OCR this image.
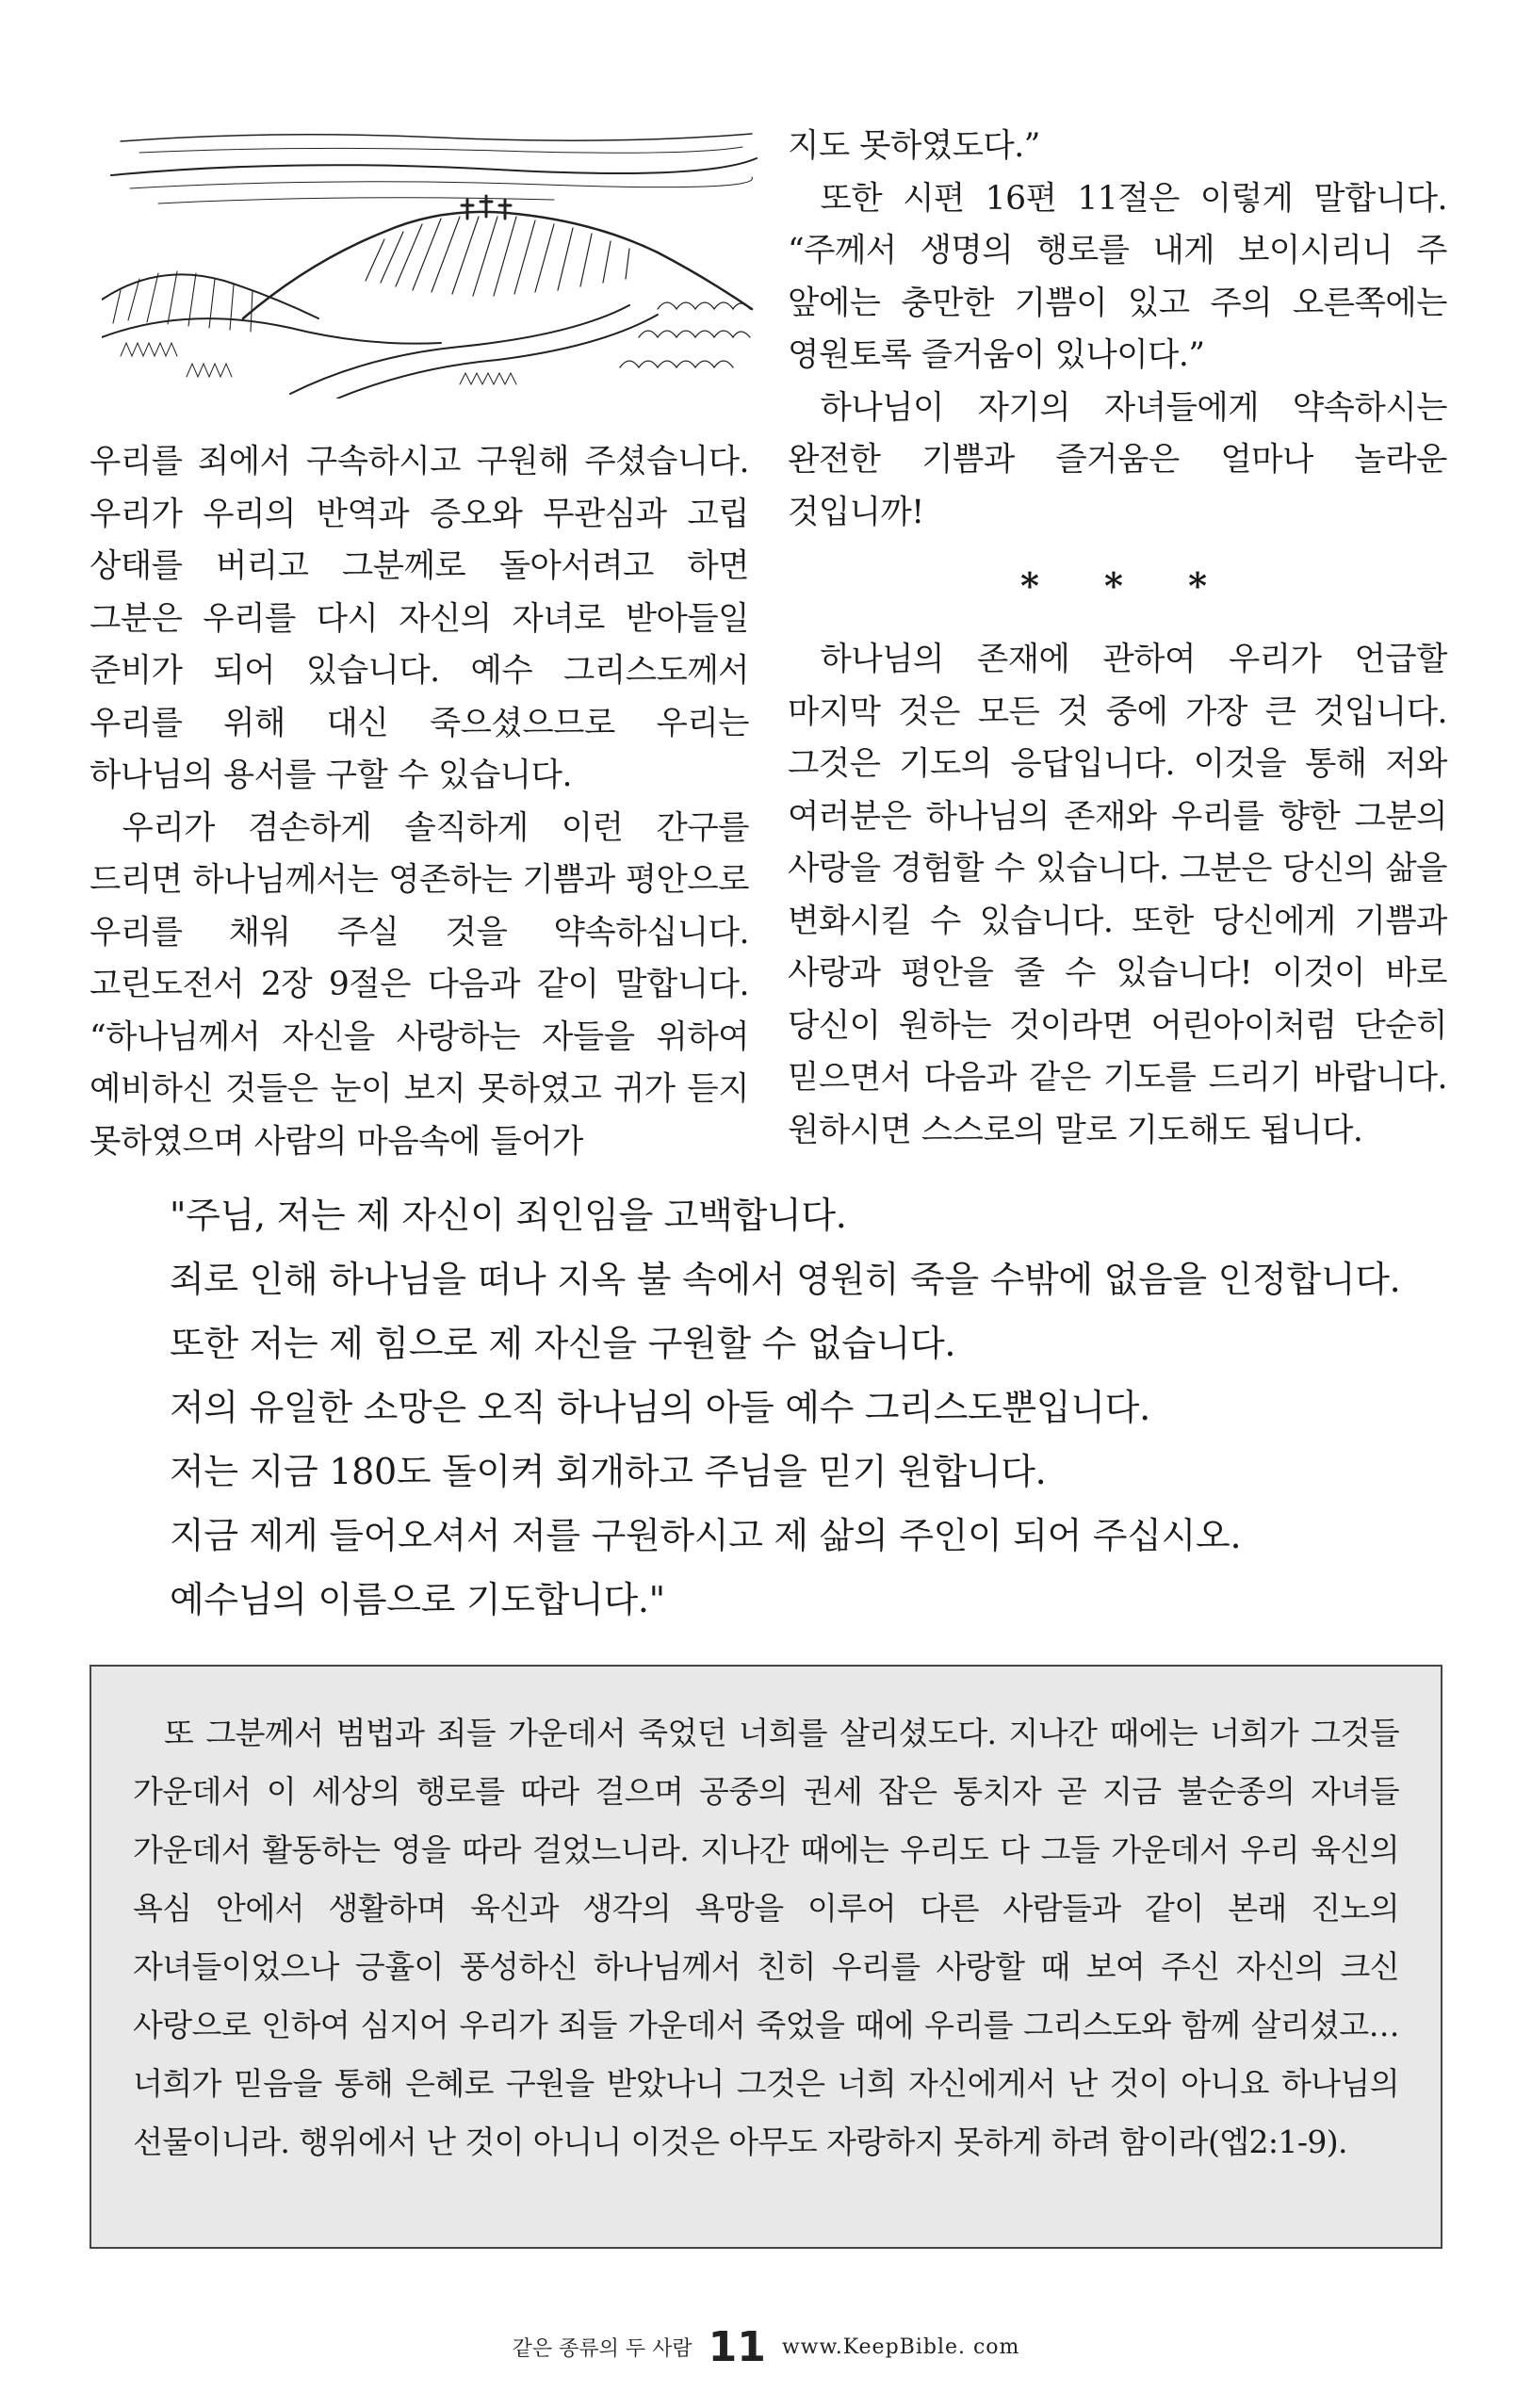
우리를 죄에서 구속하시고 구원해 주셨습니다. 우리가 우리의 반역과 증오와 무관심과 고립 상태를 버리고 그분께로 돌아서려고 하면 그분은 우리를 다시 자신의 자녀로 받아들일 준비가 되어 있습니다. 예수 그리스도께서 우리를 위해 대신 죽으셨으므로 우리는 하나님의 용서를 구할 수 있습니다.

우리가 겸손하게 솔직하게 이런 간구를 드리면 하나님께서는 영존하는 기쁨과 평안으로 우리를 채워 주실 것을 약속하십니다. 고린도전서 2장 9절은 다음과 같이 말합니다. “하나님께서 자신을 사랑하는 자들을 위하여 예비하신 것들은 눈이 보지 못하였고 귀가 듣지 못하였으며 사람의 마음속에 들어가

지도 못하였도다.”

또한 시편 16편 11절은 이렇게 말합니다. “주께서 생명의 행로를 내게 보이시리니 주 앞에는 충만한 기쁨이 있고 주의 오른쪽에는 영원토록 즐거움이 있나이다.”

하나님이 자기의 자녀들에게 약속하시는 완전한 기쁨과 즐거움은 얼마나 놀라운 것입니까!

* * *

하나님의 존재에 관하여 우리가 언급할 마지막 것은 모든 것 중에 가장 큰 것입니다. 그것은 기도의 응답입니다. 이것을 통해 저와 여러분은 하나님의 존재와 우리를 향한 그분의 사랑을 경험할 수 있습니다. 그분은 당신의 삶을 변화시킬 수 있습니다. 또한 당신에게 기쁨과 사랑과 평안을 줄 수 있습니다! 이것이 바로 당신이 원하는 것이라면 어린아이처럼 단순히 믿으면서 다음과 같은 기도를 드리기 바랍니다. 원하시면 스스로의 말로 기도해도 됩니다.

"주님, 저는 제 자신이 죄인임을 고백합니다.
죄로 인해 하나님을 떠나 지옥 불 속에서 영원히 죽을 수밖에 없음을 인정합니다.
또한 저는 제 힘으로 제 자신을 구원할 수 없습니다.
저의 유일한 소망은 오직 하나님의 아들 예수 그리스도뿐입니다.
저는 지금 180도 돌이켜 회개하고 주님을 믿기 원합니다.
지금 제게 들어오셔서 저를 구원하시고 제 삶의 주인이 되어 주십시오.
예수님의 이름으로 기도합니다."

또 그분께서 범법과 죄들 가운데서 죽었던 너희를 살리셨도다. 지나간 때에는 너희가 그것들 가운데서 이 세상의 행로를 따라 걸으며 공중의 권세 잡은 통치자 곧 지금 불순종의 자녀들 가운데서 활동하는 영을 따라 걸었느니라. 지나간 때에는 우리도 다 그들 가운데서 우리 육신의 욕심 안에서 생활하며 육신과 생각의 욕망을 이루어 다른 사람들과 같이 본래 진노의 자녀들이었으나 긍휼이 풍성하신 하나님께서 친히 우리를 사랑할 때 보여 주신 자신의 크신 사랑으로 인하여 심지어 우리가 죄들 가운데서 죽었을 때에 우리를 그리스도와 함께 살리셨고… 너희가 믿음을 통해 은혜로 구원을 받았나니 그것은 너희 자신에게서 난 것이 아니요 하나님의 선물이니라. 행위에서 난 것이 아니니 이것은 아무도 자랑하지 못하게 하려 함이라(엡2:1-9).

같은 종류의 두 사람 11 www.KeepBible. com
